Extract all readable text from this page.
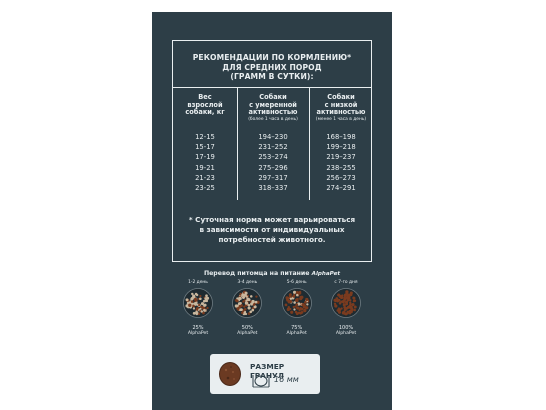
РЕКОМЕНДАЦИИ ПО КОРМЛЕНИЮ*
ДЛЯ СРЕДНИХ ПОРОД
(ГРАММ В СУТКИ):
Вес
взрослой
собаки, кг
12-15
15-17
17-19
19-21
21-23
23-25
Собаки
с умеренной
активностью
(более 1 часа в день)
194–230
231–252
253–274
275–296
297–317
318–337
Собаки
с низкой
активностью
(менее 1 часа в день)
168–198
199–218
219–237
238–255
256–273
274–291
* Суточная норма может варьироваться
в зависимости от индивидуальных
потребностей животного.
Перевод питомца на питание AlphaPet
1-2 день
25%
AlphaPet
3-4 день
50%
AlphaPet
5-6 день
75%
AlphaPet
с 7-го дня
100%
AlphaPet
РАЗМЕР ГРАНУЛ
16 мм
